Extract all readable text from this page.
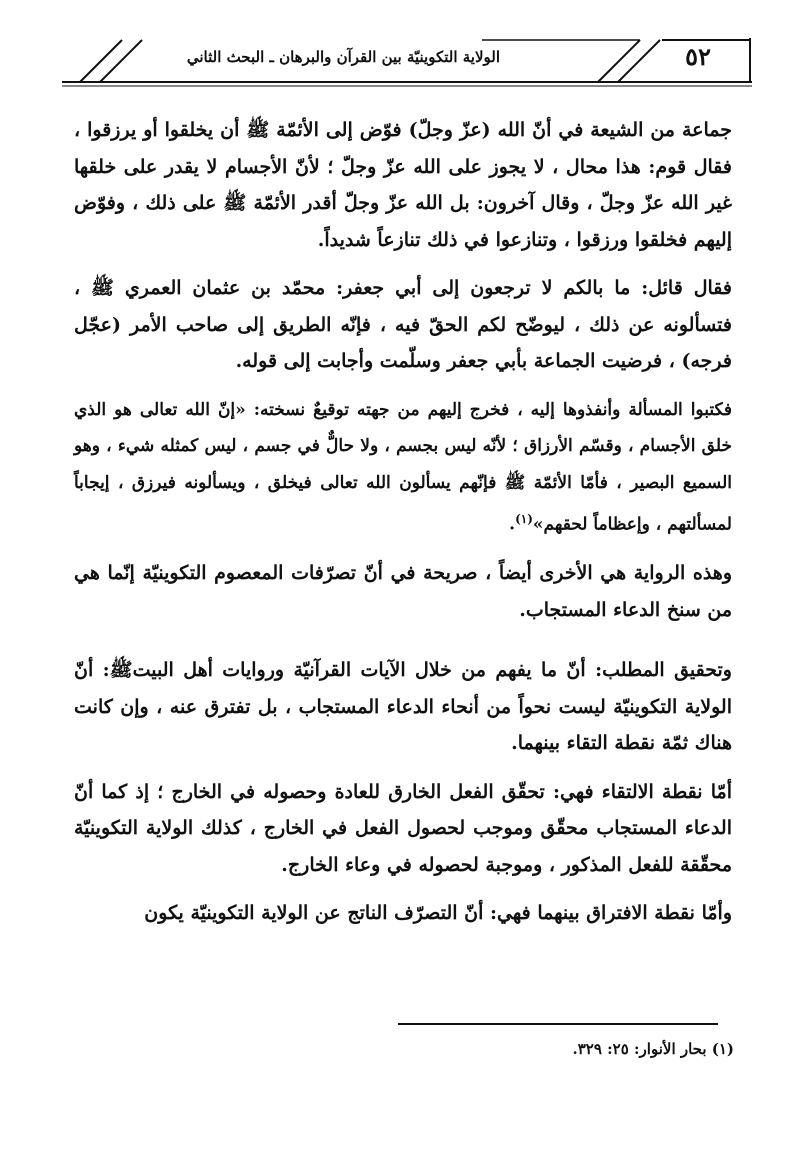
٥٢
الولاية التكوينيّة بين القرآن والبرهان ـ البحث الثاني

جماعة من الشيعة في أنّ الله (عزّ وجلّ) فوّض إلى الأئمّة ﷺ أن يخلقوا أو يرزقوا ، فقال قوم: هذا محال ، لا يجوز على الله عزّ وجلّ ؛ لأنّ الأجسام لا يقدر على خلقها غير الله عزّ وجلّ ، وقال آخرون: بل الله عزّ وجلّ أقدر الأئمّة ﷺ على ذلك ، وفوّض إليهم فخلقوا ورزقوا ، وتنازعوا في ذلك تنازعاً شديداً.

فقال قائل: ما بالكم لا ترجعون إلى أبي جعفر: محمّد بن عثمان العمري ﷺ ، فتسألونه عن ذلك ، ليوضّح لكم الحقّ فيه ، فإنّه الطريق إلى صاحب الأمر (عجّل فرجه) ، فرضيت الجماعة بأبي جعفر وسلّمت وأجابت إلى قوله.

فكتبوا المسألة وأنفذوها إليه ، فخرج إليهم من جهته توقيعٌ نسخته: «إنّ الله تعالى هو الذي خلق الأجسام ، وقسّم الأرزاق ؛ لأنّه ليس بجسم ، ولا حالٌّ في جسم ، ليس كمثله شيء ، وهو السميع البصير ، فأمّا الأئمّة ﷺ فإنّهم يسألون الله تعالى فيخلق ، ويسألونه فيرزق ، إيجاباً لمسألتهم ، وإعظاماً لحقهم»$^{(١)}$.

وهذه الرواية هي الأخرى أيضاً ، صريحة في أنّ تصرّفات المعصوم التكوينيّة إنّما هي من سنخ الدعاء المستجاب.

وتحقيق المطلب: أنّ ما يفهم من خلال الآيات القرآنيّة وروايات أهل البيتﷺ: أنّ الولاية التكوينيّة ليست نحواً من أنحاء الدعاء المستجاب ، بل تفترق عنه ، وإن كانت هناك ثمّة نقطة التقاء بينهما.

أمّا نقطة الالتقاء فهي: تحقّق الفعل الخارق للعادة وحصوله في الخارج ؛ إذ كما أنّ الدعاء المستجاب محقّق وموجب لحصول الفعل في الخارج ، كذلك الولاية التكوينيّة محقّقة للفعل المذكور ، وموجبة لحصوله في وعاء الخارج.

وأمّا نقطة الافتراق بينهما فهي: أنّ التصرّف الناتج عن الولاية التكوينيّة يكون

(١) بحار الأنوار: ٢٥: ٣٢٩.
